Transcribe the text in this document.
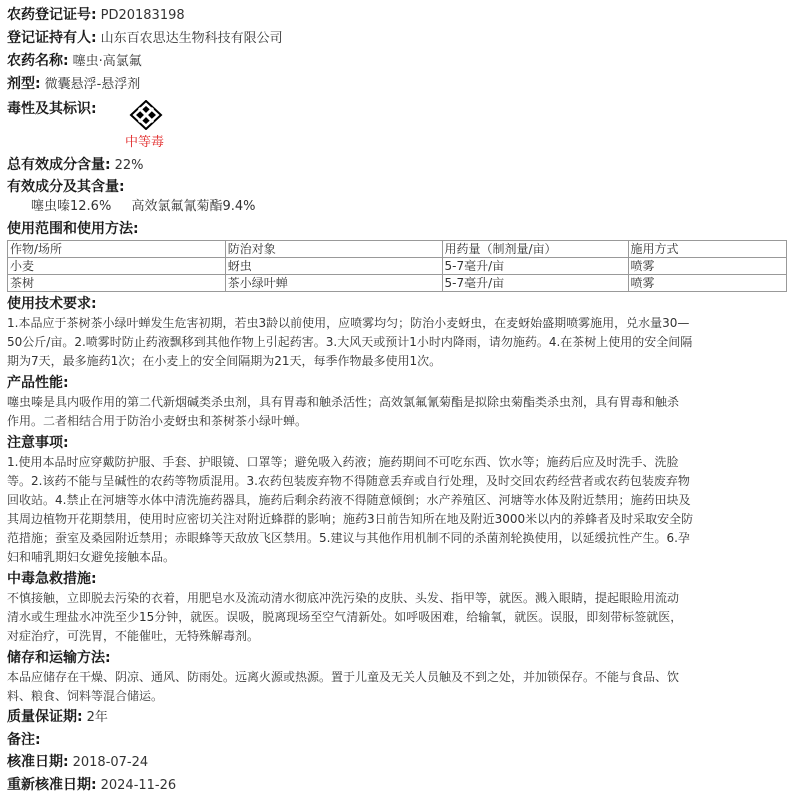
农药登记证号: PD20183198
登记证持有人: 山东百农思达生物科技有限公司
农药名称: 噻虫·高氯氟
剂型: 微囊悬浮-悬浮剂
毒性及其标识:
中等毒
总有效成分含量: 22%
有效成分及其含量:
噻虫嗪12.6% 高效氯氟氰菊酯9.4%
使用范围和使用方法:
作物/场所	防治对象	用药量（制剂量/亩）	施用方式
小麦	蚜虫	5-7毫升/亩	喷雾
茶树	茶小绿叶蝉	5-7毫升/亩	喷雾
使用技术要求:
1.本品应于茶树茶小绿叶蝉发生危害初期，若虫3龄以前使用，应喷雾均匀；防治小麦蚜虫，在麦蚜始盛期喷雾施用，兑水量30—
50公斤/亩。2.喷雾时防止药液飘移到其他作物上引起药害。3.大风天或预计1小时内降雨，请勿施药。4.在茶树上使用的安全间隔
期为7天，最多施药1次；在小麦上的安全间隔期为21天，每季作物最多使用1次。
产品性能:
噻虫嗪是具内吸作用的第二代新烟碱类杀虫剂，具有胃毒和触杀活性；高效氯氟氰菊酯是拟除虫菊酯类杀虫剂，具有胃毒和触杀
作用。二者相结合用于防治小麦蚜虫和茶树茶小绿叶蝉。
注意事项:
1.使用本品时应穿戴防护服、手套、护眼镜、口罩等；避免吸入药液；施药期间不可吃东西、饮水等；施药后应及时洗手、洗脸
等。2.该药不能与呈碱性的农药等物质混用。3.农药包装废弃物不得随意丢弃或自行处理，及时交回农药经营者或农药包装废弃物
回收站。4.禁止在河塘等水体中清洗施药器具，施药后剩余药液不得随意倾倒；水产养殖区、河塘等水体及附近禁用；施药田块及
其周边植物开花期禁用，使用时应密切关注对附近蜂群的影响；施药3日前告知所在地及附近3000米以内的养蜂者及时采取安全防
范措施；蚕室及桑园附近禁用；赤眼蜂等天敌放飞区禁用。5.建议与其他作用机制不同的杀菌剂轮换使用，以延缓抗性产生。6.孕
妇和哺乳期妇女避免接触本品。
中毒急救措施:
不慎接触，立即脱去污染的衣着，用肥皂水及流动清水彻底冲洗污染的皮肤、头发、指甲等，就医。溅入眼睛，提起眼睑用流动
清水或生理盐水冲洗至少15分钟，就医。误吸，脱离现场至空气清新处。如呼吸困难，给输氧，就医。误服，即刻带标签就医，
对症治疗，可洗胃，不能催吐，无特殊解毒剂。
储存和运输方法:
本品应储存在干燥、阴凉、通风、防雨处。远离火源或热源。置于儿童及无关人员触及不到之处，并加锁保存。不能与食品、饮
料、粮食、饲料等混合储运。
质量保证期: 2年
备注:
核准日期: 2018-07-24
重新核准日期: 2024-11-26
